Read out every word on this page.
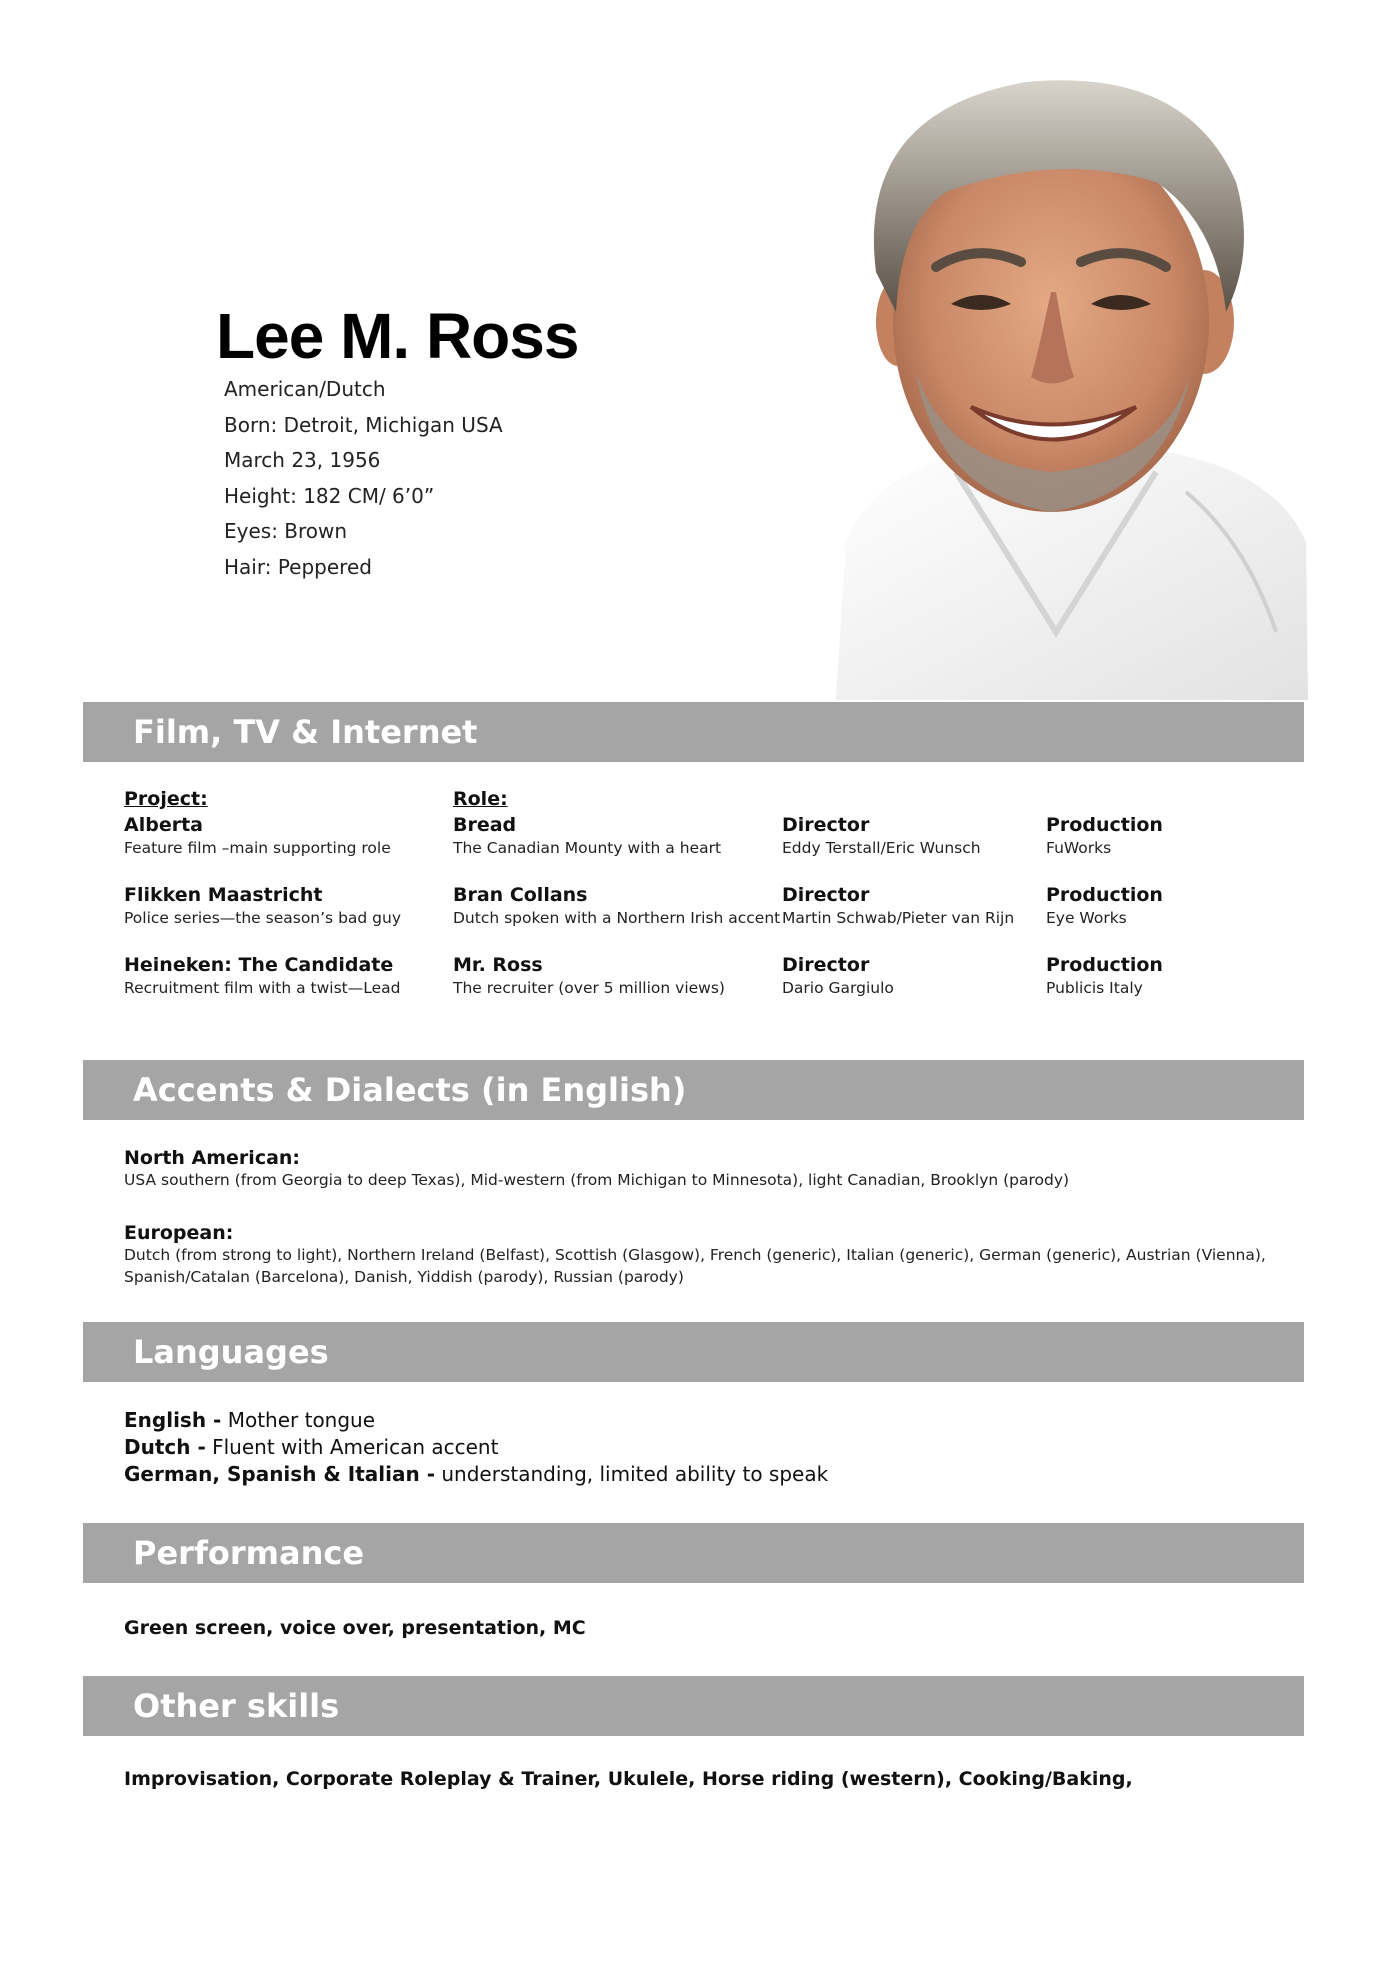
Lee M. Ross
American/Dutch
Born: Detroit, Michigan USA
March 23, 1956
Height: 182 CM/ 6’0”
Eyes: Brown
Hair: Peppered
Film, TV & Internet
Project:	Role:
Alberta
Feature film –main supporting role
Bread
The Canadian Mounty with a heart
Director
Eddy Terstall/Eric Wunsch
Production
FuWorks
Flikken Maastricht
Police series—the season’s bad guy
Bran Collans
Dutch spoken with a Northern Irish accent
Director
Martin Schwab/Pieter van Rijn
Production
Eye Works
Heineken: The Candidate
Recruitment film with a twist—Lead
Mr. Ross
The recruiter (over 5 million views)
Director
Dario Gargiulo
Production
Publicis Italy
Accents & Dialects (in English)
North American:
USA southern (from Georgia to deep Texas), Mid-western (from Michigan to Minnesota), light Canadian, Brooklyn (parody)
European:
Dutch (from strong to light), Northern Ireland (Belfast), Scottish (Glasgow), French (generic), Italian (generic), German (generic), Austrian (Vienna),
Spanish/Catalan (Barcelona), Danish, Yiddish (parody), Russian (parody)
Languages
English - Mother tongue
Dutch - Fluent with American accent
German, Spanish & Italian - understanding, limited ability to speak
Performance
Green screen, voice over, presentation, MC
Other skills
Improvisation, Corporate Roleplay & Trainer, Ukulele, Horse riding (western), Cooking/Baking,
